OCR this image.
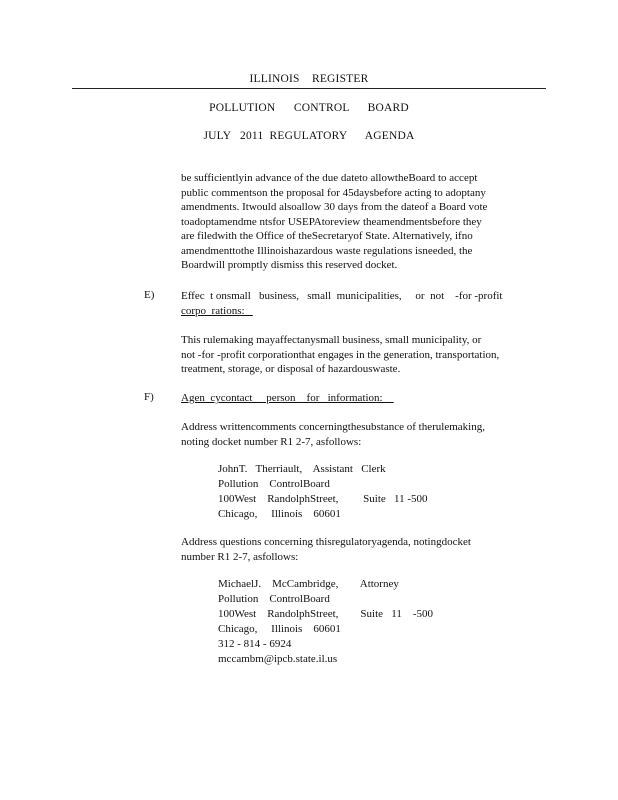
ILLINOIS    REGISTER
POLLUTION      CONTROL      BOARD
JULY   2011  REGULATORY      AGENDA
be sufficientlyin advance of the due dateto allowtheBoard to accept
public commentson the proposal for 45daysbefore acting to adoptany
amendments. Itwould alsoallow 30 days from the dateof a Board vote
toadoptamendme ntsfor USEPAtoreview theamendmentsbefore they
are filedwith the Office of theSecretaryof State. Alternatively, ifno
amendmenttothe Illinoishazardous waste regulations isneeded, the
Boardwill promptly dismiss this reserved docket.
E) Effec  t onsmall   business,   small  municipalities,     or  not    -for -profit
corpo  rations:
This rulemaking mayaffectanysmall business, small municipality, or
not -for -profit corporationthat engages in the generation, transportation,
treatment, storage, or disposal of hazardouswaste.
F) Agen  cycontact     person    for   information:
Address writtencomments concerningthesubstance of therulemaking,
noting docket number R1 2-7, asfollows:
JohnT.   Therriault,    Assistant   Clerk
Pollution    ControlBoard
100West    RandolphStreet,         Suite   11 -500
Chicago,     Illinois    60601
Address questions concerning thisregulatoryagenda, notingdocket
number R1 2-7, asfollows:
MichaelJ.    McCambridge,        Attorney
Pollution    ControlBoard
100West    RandolphStreet,        Suite   11    -500
Chicago,     Illinois    60601
312 - 814 - 6924
mccambm@ipcb.state.il.us
